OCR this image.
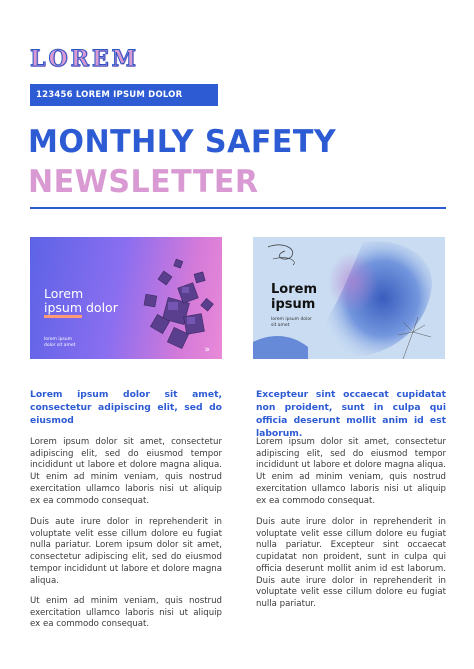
LOREM
123456 LOREM IPSUM DOLOR
MONTHLY SAFETY
NEWSLETTER
Lorem
ipsum dolor
lorem ipsum
dolor sit amet	»
Lorem
ipsum
lorem ipsum dolor
sit amet
Lorem ipsum dolor sit amet, consectetur adipiscing elit, sed do eiusmod
Lorem ipsum dolor sit amet, consectetur adipiscing elit, sed do eiusmod tempor incididunt ut labore et dolore magna aliqua. Ut enim ad minim veniam, quis nostrud exercitation ullamco laboris nisi ut aliquip ex ea commodo consequat.
Duis aute irure dolor in reprehenderit in voluptate velit esse cillum dolore eu fugiat nulla pariatur. Lorem ipsum dolor sit amet, consectetur adipiscing elit, sed do eiusmod tempor incididunt ut labore et dolore magna aliqua.
Ut enim ad minim veniam, quis nostrud exercitation ullamco laboris nisi ut aliquip ex ea commodo consequat.
Excepteur sint occaecat cupidatat non proident, sunt in culpa qui officia deserunt mollit anim id est laborum.
Lorem ipsum dolor sit amet, consectetur adipiscing elit, sed do eiusmod tempor incididunt ut labore et dolore magna aliqua. Ut enim ad minim veniam, quis nostrud exercitation ullamco laboris nisi ut aliquip ex ea commodo consequat.
Duis aute irure dolor in reprehenderit in voluptate velit esse cillum dolore eu fugiat nulla pariatur. Excepteur sint occaecat cupidatat non proident, sunt in culpa qui officia deserunt mollit anim id est laborum. Duis aute irure dolor in reprehenderit in voluptate velit esse cillum dolore eu fugiat nulla pariatur.
